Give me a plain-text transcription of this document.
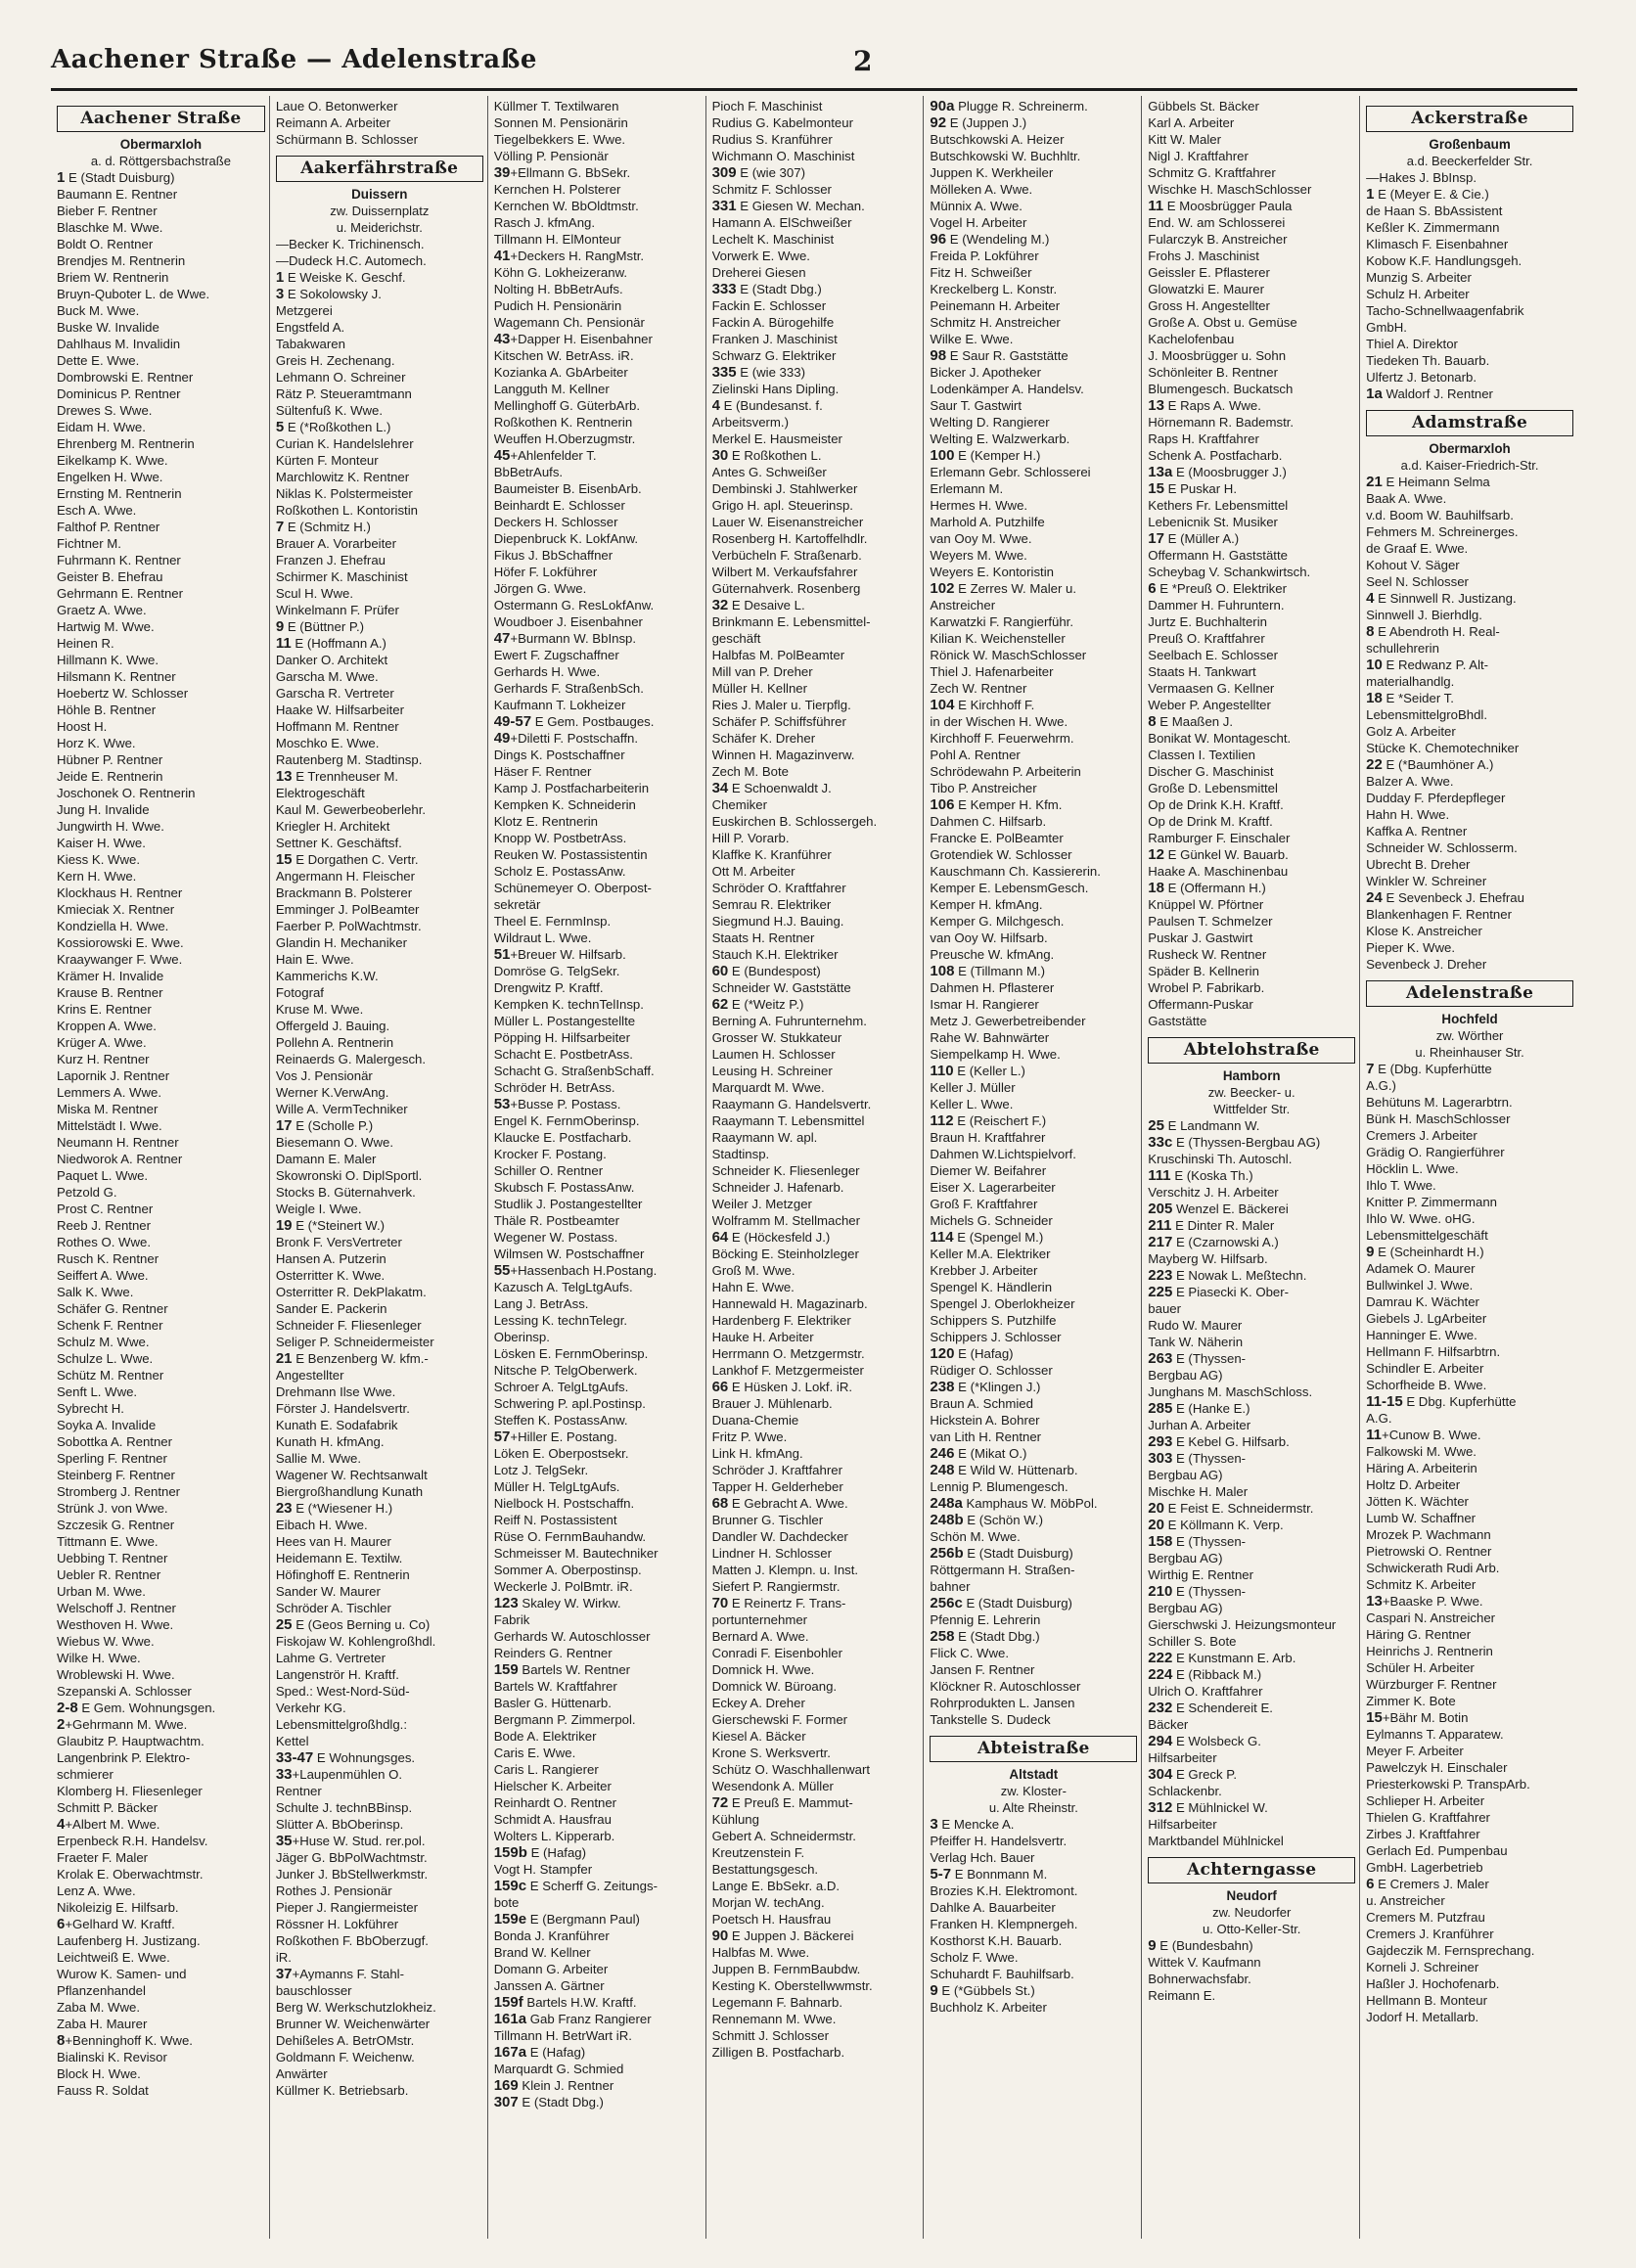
Aachener Straße — Adelenstraße	2
Aachener Straße
Obermarxloh
a. d. Röttgersbachstraße
1 E (Stadt Duisburg)
Baumann E. Rentner
Bieber F. Rentner
Blaschke M. Wwe.
Boldt O. Rentner
Brendjes M. Rentnerin
Briem W. Rentnerin
Bruyn-Quboter L. de Wwe.
Buck M. Wwe.
Buske W. Invalide
Dahlhaus M. Invalidin
Dette E. Wwe.
Dombrowski E. Rentner
Dominicus P. Rentner
Drewes S. Wwe.
Eidam H. Wwe.
Ehrenberg M. Rentnerin
Eikelkamp K. Wwe.
Engelken H. Wwe.
Ernsting M. Rentnerin
Esch A. Wwe.
Falthof P. Rentner
Fichtner M.
Fuhrmann K. Rentner
Geister B. Ehefrau
Gehrmann E. Rentner
Graetz A. Wwe.
Hartwig M. Wwe.
Heinen R.
Hillmann K. Wwe.
Hilsmann K. Rentner
Hoebertz W. Schlosser
Höhle B. Rentner
Hoost H.
Horz K. Wwe.
Hübner P. Rentner
Jeide E. Rentnerin
Joschonek O. Rentnerin
Jung H. Invalide
Jungwirth H. Wwe.
Kaiser H. Wwe.
Kiess K. Wwe.
Kern H. Wwe.
Klockhaus H. Rentner
Kmieciak X. Rentner
Kondziella H. Wwe.
Kossiorowski E. Wwe.
Kraaywanger F. Wwe.
Krämer H. Invalide
Krause B. Rentner
Krins E. Rentner
Kroppen A. Wwe.
Krüger A. Wwe.
Kurz H. Rentner
Lapornik J. Rentner
Lemmers A. Wwe.
Miska M. Rentner
Mittelstädt I. Wwe.
Neumann H. Rentner
Niedworok A. Rentner
Paquet L. Wwe.
Petzold G.
Prost C. Rentner
Reeb J. Rentner
Rothes O. Wwe.
Rusch K. Rentner
Seiffert A. Wwe.
Salk K. Wwe.
Schäfer G. Rentner
Schenk F. Rentner
Schulz M. Wwe.
Schulze L. Wwe.
Schütz M. Rentner
Senft L. Wwe.
Sybrecht H.
Soyka A. Invalide
Sobottka A. Rentner
Sperling F. Rentner
Steinberg F. Rentner
Stromberg J. Rentner
Strünk J. von Wwe.
Szczesik G. Rentner
Tittmann E. Wwe.
Uebbing T. Rentner
Uebler R. Rentner
Urban M. Wwe.
Welschoff J. Rentner
Westhoven H. Wwe.
Wiebus W. Wwe.
Wilke H. Wwe.
Wroblewski H. Wwe.
Szepanski A. Schlosser
2-8 E Gem. Wohnungsgen.
2+Gehrmann M. Wwe.
Glaubitz P. Hauptwachtm.
Langenbrink P. Elektro-
schmierer
Klomberg H. Fliesenleger
Schmitt P. Bäcker
4+Albert M. Wwe.
Erpenbeck R.H. Handelsv.
Fraeter F. Maler
Krolak E. Oberwachtmstr.
Lenz A. Wwe.
Nikoleizig E. Hilfsarb.
6+Gelhard W. Kraftf.
Laufenberg H. Justizang.
Leichtweiß E. Wwe.
Wurow K. Samen- und
Pflanzenhandel
Zaba M. Wwe.
Zaba H. Maurer
8+Benninghoff K. Wwe.
Bialinski K. Revisor
Block H. Wwe.
Fauss R. Soldat
Laue O. Betonwerker
Reimann A. Arbeiter
Schürmann B. Schlosser
Aakerfährstraße
Duissern
zw. Duissernplatz
u. Meiderichstr.
—Becker K. Trichinensch.
—Dudeck H.C. Automech.
1 E Weiske K. Geschf.
3 E Sokolowsky J.
Metzgerei
Engstfeld A.
Tabakwaren
Greis H. Zechenang.
Lehmann O. Schreiner
Rätz P. Steueramtmann
Sültenfuß K. Wwe.
5 E (*Roßkothen L.)
Curian K. Handelslehrer
Kürten F. Monteur
Marchlowitz K. Rentner
Niklas K. Polstermeister
Roßkothen L. Kontoristin
7 E (Schmitz H.)
Brauer A. Vorarbeiter
Franzen J. Ehefrau
Schirmer K. Maschinist
Scul H. Wwe.
Winkelmann F. Prüfer
9 E (Büttner P.)
11 E (Hoffmann A.)
Danker O. Architekt
Garscha M. Wwe.
Garscha R. Vertreter
Haake W. Hilfsarbeiter
Hoffmann M. Rentner
Moschko E. Wwe.
Rautenberg M. Stadtinsp.
13 E Trennheuser M.
Elektrogeschäft
Kaul M. Gewerbeoberlehr.
Kriegler H. Architekt
Settner K. Geschäftsf.
15 E Dorgathen C. Vertr.
Angermann H. Fleischer
Brackmann B. Polsterer
Emminger J. PolBeamter
Faerber P. PolWachtmstr.
Glandin H. Mechaniker
Hain E. Wwe.
Kammerichs K.W.
Fotograf
Kruse M. Wwe.
Offergeld J. Bauing.
Pollehn A. Rentnerin
Reinaerds G. Malergesch.
Vos J. Pensionär
Werner K.VerwAng.
Wille A. VermTechniker
17 E (Scholle P.)
Biesemann O. Wwe.
Damann E. Maler
Skowronski O. DiplSportl.
Stocks B. Güternahverk.
Weigle I. Wwe.
19 E (*Steinert W.)
Bronk F. VersVertreter
Hansen A. Putzerin
Osterritter K. Wwe.
Osterritter R. DekPlakatm.
Sander E. Packerin
Schneider F. Fliesenleger
Seliger P. Schneidermeister
21 E Benzenberg W. kfm.-
Angestellter
Drehmann Ilse Wwe.
Förster J. Handelsvertr.
Kunath E. Sodafabrik
Kunath H. kfmAng.
Sallie M. Wwe.
Wagener W. Rechtsanwalt
Biergroßhandlung Kunath
23 E (*Wiesener H.)
Eibach H. Wwe.
Hees van H. Maurer
Heidemann E. Textilw.
Höfinghoff E. Rentnerin
Sander W. Maurer
Schröder A. Tischler
25 E (Geos Berning u. Co)
Fiskojaw W. Kohlengroßhdl.
Lahme G. Vertreter
Langenströr H. Kraftf.
Sped.: West-Nord-Süd-
Verkehr KG.
Lebensmittelgroßhdlg.:
Kettel
33-47 E Wohnungsges.
33+Laupenmühlen O.
Rentner
Schulte J. technBBinsp.
Slütter A. BbOberinsp.
35+Huse W. Stud. rer.pol.
Jäger G. BbPolWachtmstr.
Junker J. BbStellwerkmstr.
Rothes J. Pensionär
Pieper J. Rangiermeister
Rössner H. Lokführer
Roßkothen F. BbOberzugf.
iR.
37+Aymanns F. Stahl-
bauschlosser
Berg W. Werkschutzlokheiz.
Brunner W. Weichenwärter
Dehißeles A. BetrOMstr.
Goldmann F. Weichenw.
Anwärter
Küllmer K. Betriebsarb.
Küllmer T. Textilwaren
Sonnen M. Pensionärin
Tiegelbekkers E. Wwe.
Völling P. Pensionär
39+Ellmann G. BbSekr.
Kernchen H. Polsterer
Kernchen W. BbOldtmstr.
Rasch J. kfmAng.
Tillmann H. ElMonteur
41+Deckers H. RangMstr.
Köhn G. Lokheizeranw.
Nolting H. BbBetrAufs.
Pudich H. Pensionärin
Wagemann Ch. Pensionär
43+Dapper H. Eisenbahner
Kitschen W. BetrAss. iR.
Kozianka A. GbArbeiter
Langguth M. Kellner
Mellinghoff G. GüterbArb.
Roßkothen K. Rentnerin
Weuffen H.Oberzugmstr.
45+Ahlenfelder T.
BbBetrAufs.
Baumeister B. EisenbArb.
Beinhardt E. Schlosser
Deckers H. Schlosser
Diepenbruck K. LokfAnw.
Fikus J. BbSchaffner
Höfer F. Lokführer
Jörgen G. Wwe.
Ostermann G. ResLokfAnw.
Woudboer J. Eisenbahner
47+Burmann W. BbInsp.
Ewert F. Zugschaffner
Gerhards H. Wwe.
Gerhards F. StraßenbSch.
Kaufmann T. Lokheizer
49-57 E Gem. Postbauges.
49+Diletti F. Postschaffn.
Dings K. Postschaffner
Häser F. Rentner
Kamp J. Postfacharbeiterin
Kempken K. Schneiderin
Klotz E. Rentnerin
Knopp W. PostbetrAss.
Reuken W. Postassistentin
Scholz E. PostassAnw.
Schünemeyer O. Oberpost-
sekretär
Theel E. FernmInsp.
Wildraut L. Wwe.
51+Breuer W. Hilfsarb.
Domröse G. TelgSekr.
Drengwitz P. Kraftf.
Kempken K. technTelInsp.
Müller L. Postangestellte
Pöpping H. Hilfsarbeiter
Schacht E. PostbetrAss.
Schacht G. StraßenbSchaff.
Schröder H. BetrAss.
53+Busse P. Postass.
Engel K. FernmOberinsp.
Klaucke E. Postfacharb.
Krocker F. Postang.
Schiller O. Rentner
Skubsch F. PostassAnw.
Studlik J. Postangestellter
Thäle R. Postbeamter
Wegener W. Postass.
Wilmsen W. Postschaffner
55+Hassenbach H.Postang.
Kazusch A. TelgLtgAufs.
Lang J. BetrAss.
Lessing K. technTelegr.
Oberinsp.
Lösken E. FernmOberinsp.
Nitsche P. TelgOberwerk.
Schroer A. TelgLtgAufs.
Schwering P. apl.Postinsp.
Steffen K. PostassAnw.
57+Hiller E. Postang.
Löken E. Oberpostsekr.
Lotz J. TelgSekr.
Müller H. TelgLtgAufs.
Nielbock H. Postschaffn.
Reiff N. Postassistent
Rüse O. FernmBauhandw.
Schmeisser M. Bautechniker
Sommer A. Oberpostinsp.
Weckerle J. PolBmtr. iR.
123 Skaley W. Wirkw.
Fabrik
Gerhards W. Autoschlosser
Reinders G. Rentner
159 Bartels W. Rentner
Bartels W. Kraftfahrer
Basler G. Hüttenarb.
Bergmann P. Zimmerpol.
Bode A. Elektriker
Caris E. Wwe.
Caris L. Rangierer
Hielscher K. Arbeiter
Reinhardt O. Rentner
Schmidt A. Hausfrau
Wolters L. Kipperarb.
159b E (Hafag)
Vogt H. Stampfer
159c E Scherff G. Zeitungs-
bote
159e E (Bergmann Paul)
Bonda J. Kranführer
Brand W. Kellner
Domann G. Arbeiter
Janssen A. Gärtner
159f Bartels H.W. Kraftf.
161a Gab Franz Rangierer
Tillmann H. BetrWart iR.
167a E (Hafag)
Marquardt G. Schmied
169 Klein J. Rentner
307 E (Stadt Dbg.)
Pioch F. Maschinist
Rudius G. Kabelmonteur
Rudius S. Kranführer
Wichmann O. Maschinist
309 E (wie 307)
Schmitz F. Schlosser
331 E Giesen W. Mechan.
Hamann A. ElSchweißer
Lechelt K. Maschinist
Vorwerk E. Wwe.
Dreherei Giesen
333 E (Stadt Dbg.)
Fackin E. Schlosser
Fackin A. Bürogehilfe
Franken J. Maschinist
Schwarz G. Elektriker
335 E (wie 333)
Zielinski Hans Dipling.
4 E (Bundesanst. f.
Arbeitsverm.)
Merkel E. Hausmeister
30 E Roßkothen L.
Antes G. Schweißer
Dembinski J. Stahlwerker
Grigo H. apl. Steuerinsp.
Lauer W. Eisenanstreicher
Rosenberg H. Kartoffelhdlr.
Verbücheln F. Straßenarb.
Wilbert M. Verkaufsfahrer
Güternahverk. Rosenberg
32 E Desaive L.
Brinkmann E. Lebensmittel-
geschäft
Halbfas M. PolBeamter
Mill van P. Dreher
Müller H. Kellner
Ries J. Maler u. Tierpflg.
Schäfer P. Schiffsführer
Schäfer K. Dreher
Winnen H. Magazinverw.
Zech M. Bote
34 E Schoenwaldt J.
Chemiker
Euskirchen B. Schlossergeh.
Hill P. Vorarb.
Klaffke K. Kranführer
Ott M. Arbeiter
Schröder O. Kraftfahrer
Semrau R. Elektriker
Siegmund H.J. Bauing.
Staats H. Rentner
Stauch K.H. Elektriker
60 E (Bundespost)
Schneider W. Gaststätte
62 E (*Weitz P.)
Berning A. Fuhrunternehm.
Grosser W. Stukkateur
Laumen H. Schlosser
Leusing H. Schreiner
Marquardt M. Wwe.
Raaymann G. Handelsvertr.
Raaymann T. Lebensmittel
Raaymann W. apl.
Stadtinsp.
Schneider K. Fliesenleger
Schneider J. Hafenarb.
Weiler J. Metzger
Wolframm M. Stellmacher
64 E (Höckesfeld J.)
Böcking E. Steinholzleger
Groß M. Wwe.
Hahn E. Wwe.
Hannewald H. Magazinarb.
Hardenberg F. Elektriker
Hauke H. Arbeiter
Herrmann O. Metzgermstr.
Lankhof F. Metzgermeister
66 E Hüsken J. Lokf. iR.
Brauer J. Mühlenarb.
Duana-Chemie
Fritz P. Wwe.
Link H. kfmAng.
Schröder J. Kraftfahrer
Tapper H. Gelderheber
68 E Gebracht A. Wwe.
Brunner G. Tischler
Dandler W. Dachdecker
Lindner H. Schlosser
Matten J. Klempn. u. Inst.
Siefert P. Rangiermstr.
70 E Reinertz F. Trans-
portunternehmer
Bernard A. Wwe.
Conradi F. Eisenbohler
Domnick H. Wwe.
Domnick W. Büroang.
Eckey A. Dreher
Gierschewski F. Former
Kiesel A. Bäcker
Krone S. Werksvertr.
Schütz O. Waschhallenwart
Wesendonk A. Müller
72 E Preuß E. Mammut-
Kühlung
Gebert A. Schneidermstr.
Kreutzenstein F.
Bestattungsgesch.
Lange E. BbSekr. a.D.
Morjan W. techAng.
Poetsch H. Hausfrau
90 E Juppen J. Bäckerei
Halbfas M. Wwe.
Juppen B. FernmBaubdw.
Kesting K. Oberstellwwmstr.
Legemann F. Bahnarb.
Rennemann M. Wwe.
Schmitt J. Schlosser
Zilligen B. Postfacharb.
90a Plugge R. Schreinerm.
92 E (Juppen J.)
Butschkowski A. Heizer
Butschkowski W. Buchhltr.
Juppen K. Werkheiler
Mölleken A. Wwe.
Münnix A. Wwe.
Vogel H. Arbeiter
96 E (Wendeling M.)
Freida P. Lokführer
Fitz H. Schweißer
Kreckelberg L. Konstr.
Peinemann H. Arbeiter
Schmitz H. Anstreicher
Wilke E. Wwe.
98 E Saur R. Gaststätte
Bicker J. Apotheker
Lodenkämper A. Handelsv.
Saur T. Gastwirt
Welting D. Rangierer
Welting E. Walzwerkarb.
100 E (Kemper H.)
Erlemann Gebr. Schlosserei
Erlemann M.
Hermes H. Wwe.
Marhold A. Putzhilfe
van Ooy M. Wwe.
Weyers M. Wwe.
Weyers E. Kontoristin
102 E Zerres W. Maler u.
Anstreicher
Karwatzki F. Rangierführ.
Kilian K. Weichensteller
Rönick W. MaschSchlosser
Thiel J. Hafenarbeiter
Zech W. Rentner
104 E Kirchhoff F.
in der Wischen H. Wwe.
Kirchhoff F. Feuerwehrm.
Pohl A. Rentner
Schrödewahn P. Arbeiterin
Tibo P. Anstreicher
106 E Kemper H. Kfm.
Dahmen C. Hilfsarb.
Francke E. PolBeamter
Grotendiek W. Schlosser
Kauschmann Ch. Kassiererin.
Kemper E. LebensmGesch.
Kemper H. kfmAng.
Kemper G. Milchgesch.
van Ooy W. Hilfsarb.
Preusche W. kfmAng.
108 E (Tillmann M.)
Dahmen H. Pflasterer
Ismar H. Rangierer
Metz J. Gewerbetreibender
Rahe W. Bahnwärter
Siempelkamp H. Wwe.
110 E (Keller L.)
Keller J. Müller
Keller L. Wwe.
112 E (Reischert F.)
Braun H. Kraftfahrer
Dahmen W.Lichtspielvorf.
Diemer W. Beifahrer
Eiser X. Lagerarbeiter
Groß F. Kraftfahrer
Michels G. Schneider
114 E (Spengel M.)
Keller M.A. Elektriker
Krebber J. Arbeiter
Spengel K. Händlerin
Spengel J. Oberlokheizer
Schippers S. Putzhilfe
Schippers J. Schlosser
120 E (Hafag)
Rüdiger O. Schlosser
238 E (*Klingen J.)
Braun A. Schmied
Hickstein A. Bohrer
van Lith H. Rentner
246 E (Mikat O.)
248 E Wild W. Hüttenarb.
Lennig P. Blumengesch.
248a Kamphaus W. MöbPol.
248b E (Schön W.)
Schön M. Wwe.
256b E (Stadt Duisburg)
Röttgermann H. Straßen-
bahner
256c E (Stadt Duisburg)
Pfennig E. Lehrerin
258 E (Stadt Dbg.)
Flick C. Wwe.
Jansen F. Rentner
Klöckner R. Autoschlosser
Rohrprodukten L. Jansen
Tankstelle S. Dudeck
Abteistraße
Altstadt
zw. Kloster-
u. Alte Rheinstr.
3 E Mencke A.
Pfeiffer H. Handelsvertr.
Verlag Hch. Bauer
5-7 E Bonnmann M.
Brozies K.H. Elektromont.
Dahlke A. Bauarbeiter
Franken H. Klempnergeh.
Kosthorst K.H. Bauarb.
Scholz F. Wwe.
Schuhardt F. Bauhilfsarb.
9 E (*Gübbels St.)
Buchholz K. Arbeiter
Gübbels St. Bäcker
Karl A. Arbeiter
Kitt W. Maler
Nigl J. Kraftfahrer
Schmitz G. Kraftfahrer
Wischke H. MaschSchlosser
11 E Moosbrügger Paula
End. W. am Schlosserei
Fularczyk B. Anstreicher
Frohs J. Maschinist
Geissler E. Pflasterer
Glowatzki E. Maurer
Gross H. Angestellter
Große A. Obst u. Gemüse
Kachelofenbau
J. Moosbrügger u. Sohn
Schönleiter B. Rentner
Blumengesch. Buckatsch
13 E Raps A. Wwe.
Hörnemann R. Bademstr.
Raps H. Kraftfahrer
Schenk A. Postfacharb.
13a E (Moosbrugger J.)
15 E Puskar H.
Kethers Fr. Lebensmittel
Lebenicnik St. Musiker
17 E (Müller A.)
Offermann H. Gaststätte
Scheybag V. Schankwirtsch.
6 E *Preuß O. Elektriker
Dammer H. Fuhruntern.
Jurtz E. Buchhalterin
Preuß O. Kraftfahrer
Seelbach E. Schlosser
Staats H. Tankwart
Vermaasen G. Kellner
Weber P. Angestellter
8 E Maaßen J.
Bonikat W. Montagescht.
Classen I. Textilien
Discher G. Maschinist
Große D. Lebensmittel
Op de Drink K.H. Kraftf.
Op de Drink M. Kraftf.
Ramburger F. Einschaler
12 E Günkel W. Bauarb.
Haake A. Maschinenbau
18 E (Offermann H.)
Knüppel W. Pförtner
Paulsen T. Schmelzer
Puskar J. Gastwirt
Rusheck W. Rentner
Späder B. Kellnerin
Wrobel P. Fabrikarb.
Offermann-Puskar
Gaststätte
Abtelohstraße
Hamborn
zw. Beecker- u.
Wittfelder Str.
25 E Landmann W.
33c E (Thyssen-Bergbau AG)
Kruschinski Th. Autoschl.
111 E (Koska Th.)
Verschitz J. H. Arbeiter
205 Wenzel E. Bäckerei
211 E Dinter R. Maler
217 E (Czarnowski A.)
Mayberg W. Hilfsarb.
223 E Nowak L. Meßtechn.
225 E Piasecki K. Ober-
bauer
Rudo W. Maurer
Tank W. Näherin
263 E (Thyssen-
Bergbau AG)
Junghans M. MaschSchloss.
285 E (Hanke E.)
Jurhan A. Arbeiter
293 E Kebel G. Hilfsarb.
303 E (Thyssen-
Bergbau AG)
Mischke H. Maler
20 E Feist E. Schneidermstr.
20 E Köllmann K. Verp.
158 E (Thyssen-
Bergbau AG)
Wirthig E. Rentner
210 E (Thyssen-
Bergbau AG)
Gierschwski J. Heizungsmonteur
Schiller S. Bote
222 E Kunstmann E. Arb.
224 E (Ribback M.)
Ulrich O. Kraftfahrer
232 E Schendereit E.
Bäcker
294 E Wolsbeck G.
Hilfsarbeiter
304 E Greck P.
Schlackenbr.
312 E Mühlnickel W.
Hilfsarbeiter
Marktbandel Mühlnickel
Achterngasse
Neudorf
zw. Neudorfer
u. Otto-Keller-Str.
9 E (Bundesbahn)
Wittek V. Kaufmann
Bohnerwachsfabr.
Reimann E.
Ackerstraße
Großenbaum
a.d. Beeckerfelder Str.
—Hakes J. BbInsp.
1 E (Meyer E. & Cie.)
de Haan S. BbAssistent
Keßler K. Zimmermann
Klimasch F. Eisenbahner
Kobow K.F. Handlungsgeh.
Munzig S. Arbeiter
Schulz H. Arbeiter
Tacho-Schnellwaagenfabrik
GmbH.
Thiel A. Direktor
Tiedeken Th. Bauarb.
Ulfertz J. Betonarb.
1a Waldorf J. Rentner
Adamstraße
Obermarxloh
a.d. Kaiser-Friedrich-Str.
21 E Heimann Selma
Baak A. Wwe.
v.d. Boom W. Bauhilfsarb.
Fehmers M. Schreinerges.
de Graaf E. Wwe.
Kohout V. Säger
Seel N. Schlosser
4 E Sinnwell R. Justizang.
Sinnwell J. Bierhdlg.
8 E Abendroth H. Real-
schullehrerin
10 E Redwanz P. Alt-
materialhandlg.
18 E *Seider T.
LebensmittelgroBhdl.
Golz A. Arbeiter
Stücke K. Chemotechniker
22 E (*Baumhöner A.)
Balzer A. Wwe.
Dudday F. Pferdepfleger
Hahn H. Wwe.
Kaffka A. Rentner
Schneider W. Schlosserm.
Ubrecht B. Dreher
Winkler W. Schreiner
24 E Sevenbeck J. Ehefrau
Blankenhagen F. Rentner
Klose K. Anstreicher
Pieper K. Wwe.
Sevenbeck J. Dreher
Adelenstraße
Hochfeld
zw. Wörther
u. Rheinhauser Str.
7 E (Dbg. Kupferhütte
A.G.)
Behütuns M. Lagerarbtrn.
Bünk H. MaschSchlosser
Cremers J. Arbeiter
Grädig O. Rangierführer
Höcklin L. Wwe.
Ihlo T. Wwe.
Knitter P. Zimmermann
Ihlo W. Wwe. oHG.
Lebensmittelgeschäft
9 E (Scheinhardt H.)
Adamek O. Maurer
Bullwinkel J. Wwe.
Damrau K. Wächter
Giebels J. LgArbeiter
Hanninger E. Wwe.
Hellmann F. Hilfsarbtrn.
Schindler E. Arbeiter
Schorfheide B. Wwe.
11-15 E Dbg. Kupferhütte
A.G.
11+Cunow B. Wwe.
Falkowski M. Wwe.
Häring A. Arbeiterin
Holtz D. Arbeiter
Jötten K. Wächter
Lumb W. Schaffner
Mrozek P. Wachmann
Pietrowski O. Rentner
Schwickerath Rudi Arb.
Schmitz K. Arbeiter
13+Baaske P. Wwe.
Caspari N. Anstreicher
Häring G. Rentner
Heinrichs J. Rentnerin
Schüler H. Arbeiter
Würzburger F. Rentner
Zimmer K. Bote
15+Bähr M. Botin
Eylmanns T. Apparatew.
Meyer F. Arbeiter
Pawelczyk H. Einschaler
Priesterkowski P. TranspArb.
Schlieper H. Arbeiter
Thielen G. Kraftfahrer
Zirbes J. Kraftfahrer
Gerlach Ed. Pumpenbau
GmbH. Lagerbetrieb
6 E Cremers J. Maler
u. Anstreicher
Cremers M. Putzfrau
Cremers J. Kranführer
Gajdeczik M. Fernsprechang.
Korneli J. Schreiner
Haßler J. Hochofenarb.
Hellmann B. Monteur
Jodorf H. Metallarb.
